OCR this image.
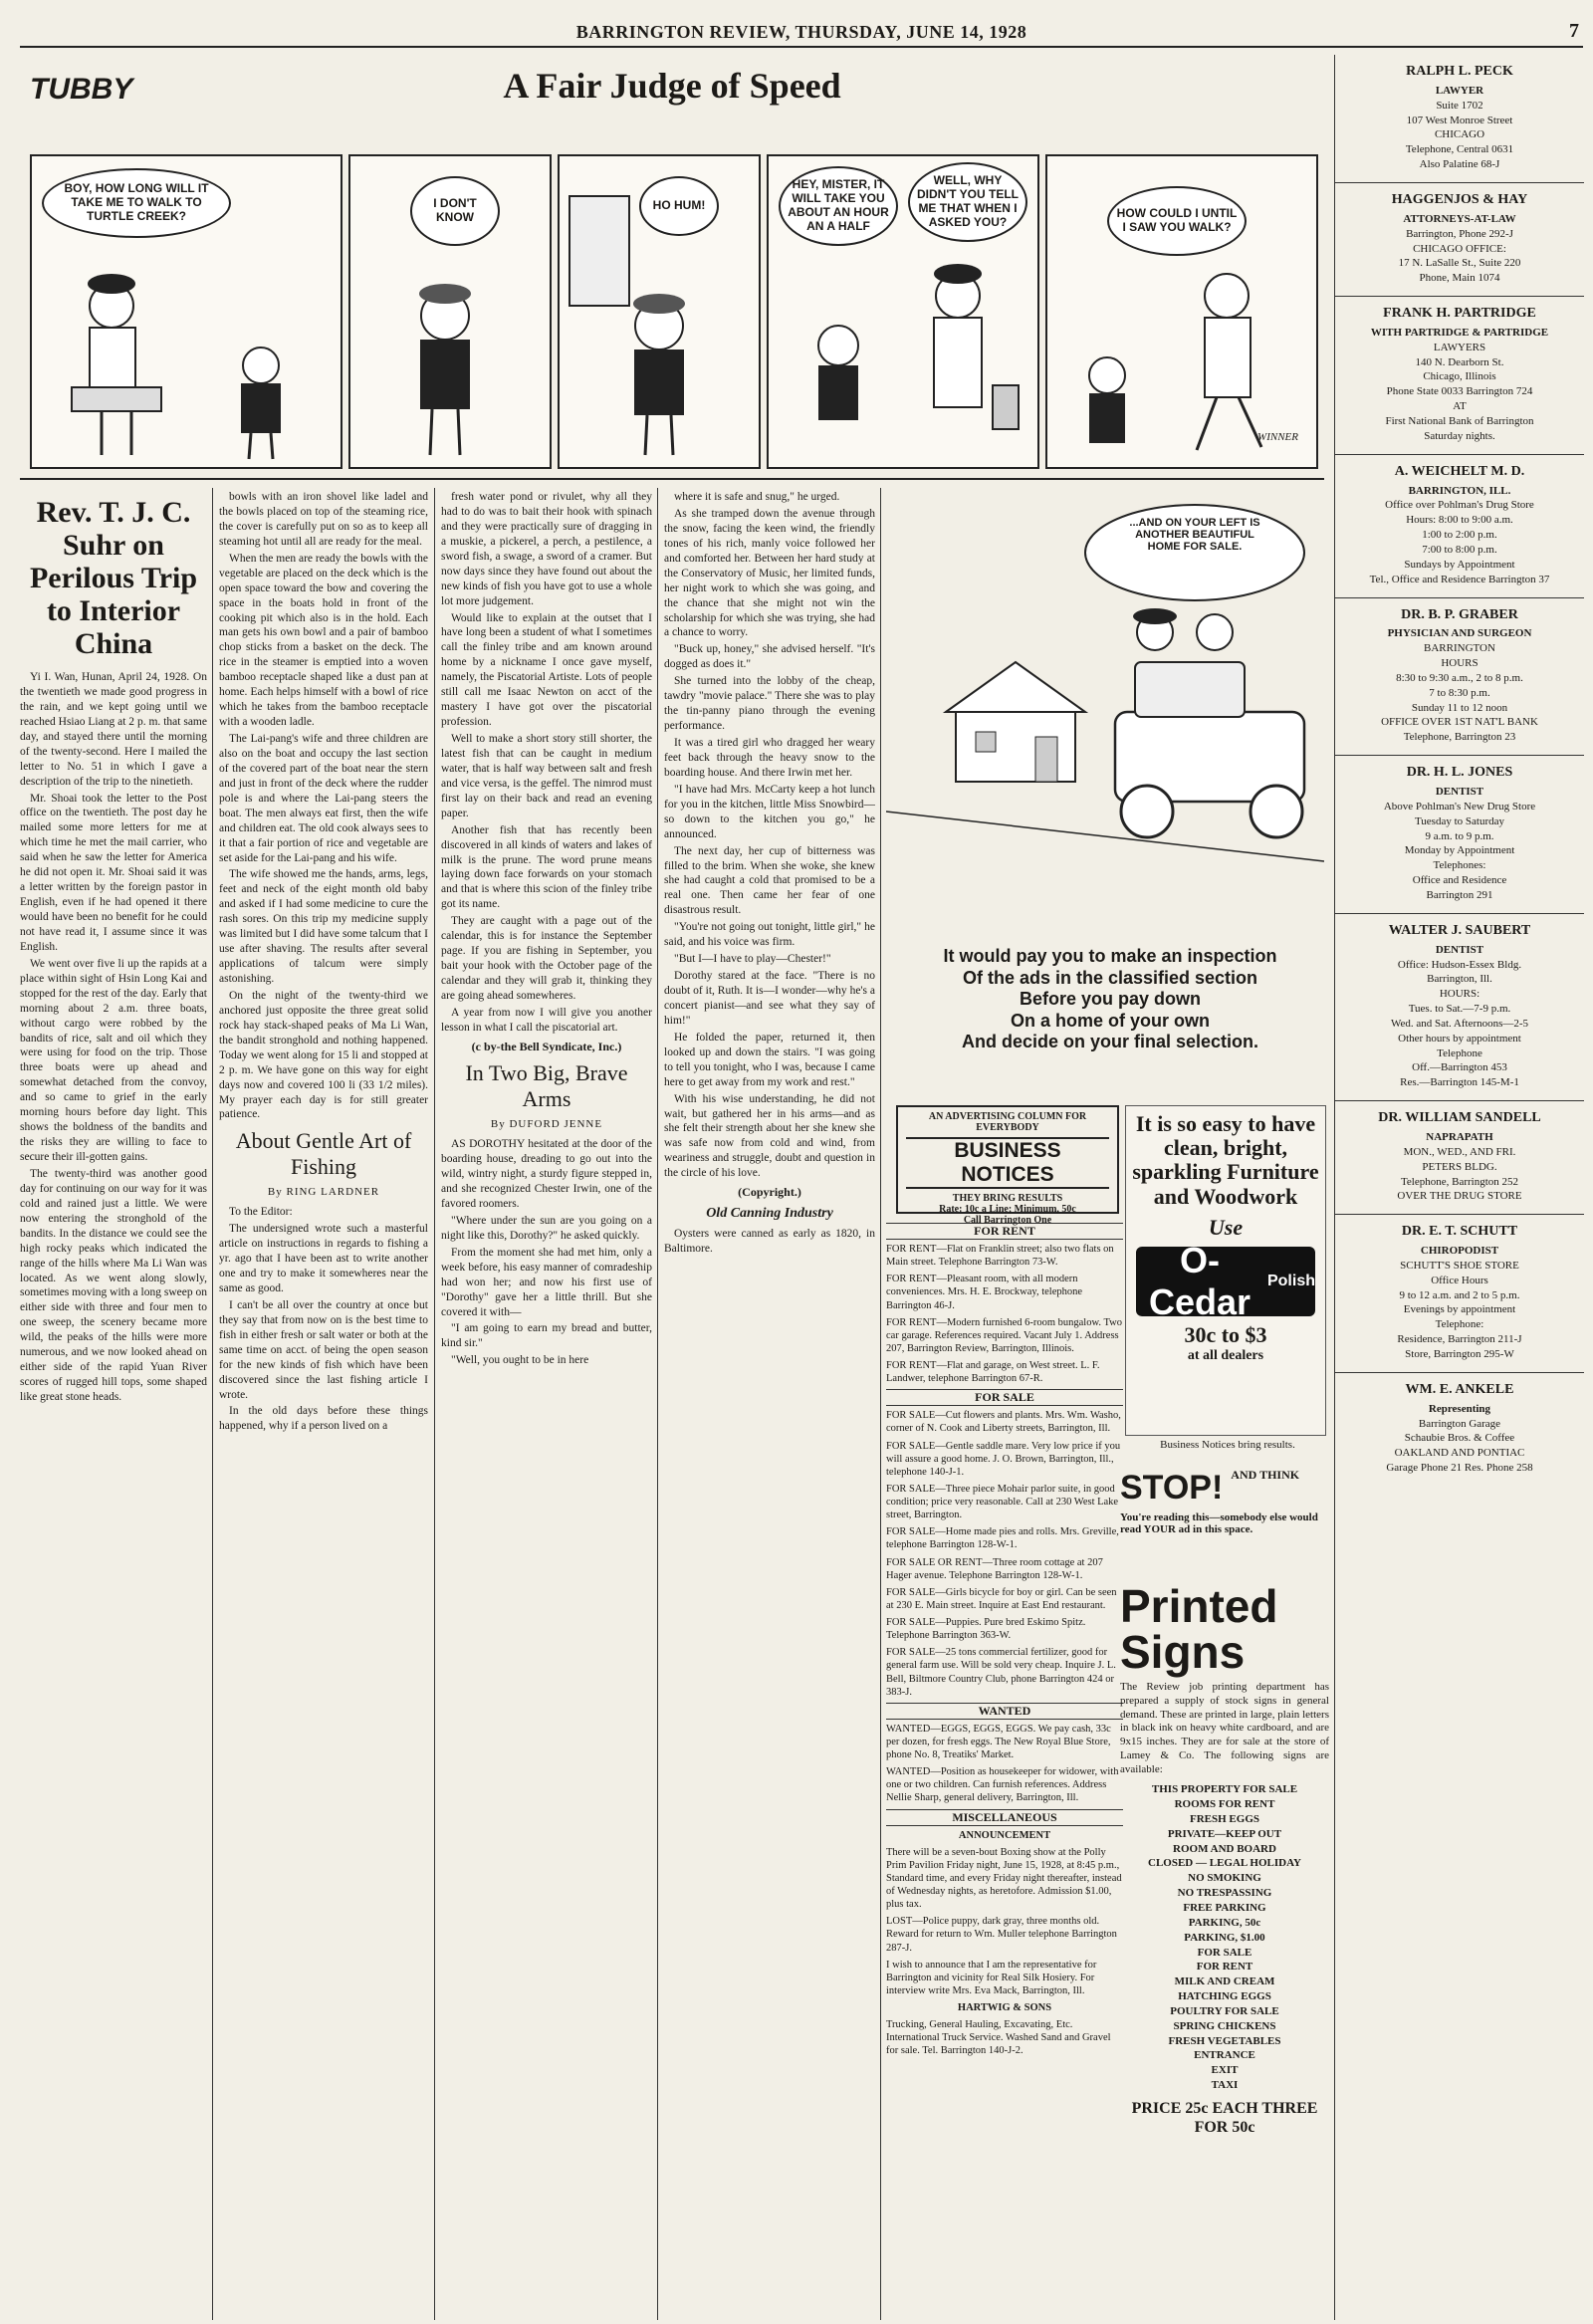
BARRINGTON REVIEW, THURSDAY, JUNE 14, 1928	7
TUBBY	A Fair Judge of Speed
BOY, HOW LONG WILL IT TAKE ME TO WALK TO TURTLE CREEK?
I DON'T KNOW
HO HUM!
HEY, MISTER, IT WILL TAKE YOU ABOUT AN HOUR AN A HALF
WELL, WHY DIDN'T YOU TELL ME THAT WHEN I ASKED YOU?
HOW COULD I UNTIL I SAW YOU WALK?
WINNER
Rev. T. J. C. Suhr on Perilous Trip to Interior China

Yi I. Wan, Hunan, April 24, 1928. On the twentieth we made good progress in the rain, and we kept going until we reached Hsiao Liang at 2 p. m. that same day, and stayed there until the morning of the twenty-second. Here I mailed the letter to No. 51 in which I gave a description of the trip to the ninetieth.

Mr. Shoai took the letter to the Post office on the twentieth. The post day he mailed some more letters for me at which time he met the mail carrier, who said when he saw the letter for America he did not open it. Mr. Shoai said it was a letter written by the foreign pastor in English, even if he had opened it there would have been no benefit for he could not have read it, I assume since it was English.

We went over five li up the rapids at a place within sight of Hsin Long Kai and stopped for the rest of the day. Early that morning about 2 a.m. three boats, without cargo were robbed by the bandits of rice, salt and oil which they were using for food on the trip. Those three boats were up ahead and somewhat detached from the convoy, and so came to grief in the early morning hours before day light. This shows the boldness of the bandits and the risks they are willing to face to secure their ill-gotten gains.

The twenty-third was another good day for continuing on our way for it was cold and rained just a little. We were now entering the stronghold of the bandits. In the distance we could see the high rocky peaks which indicated the range of the hills where Ma Li Wan was located. As we went along slowly, sometimes moving with a long sweep on either side with three and four men to one sweep, the scenery became more wild, the peaks of the hills were more numerous, and we now looked ahead on either side of the rapid Yuan River scores of rugged hill tops, some shaped like great stone heads.

bowls with an iron shovel like ladel and the bowls placed on top of the steaming rice, the cover is carefully put on so as to keep all steaming hot until all are ready for the meal.

When the men are ready the bowls with the vegetable are placed on the deck which is the open space toward the bow and covering the space in the boats hold in front of the cooking pit which also is in the hold. Each man gets his own bowl and a pair of bamboo chop sticks from a basket on the deck. The rice in the steamer is emptied into a woven bamboo receptacle shaped like a dust pan at home. Each helps himself with a bowl of rice which he takes from the bamboo receptacle with a wooden ladle.

The Lai-pang's wife and three children are also on the boat and occupy the last section of the covered part of the boat near the stern and just in front of the deck where the rudder pole is and where the Lai-pang steers the boat. The men always eat first, then the wife and children eat. The old cook always sees to it that a fair portion of rice and vegetable are set aside for the Lai-pang and his wife.

The wife showed me the hands, arms, legs, feet and neck of the eight month old baby and asked if I had some medicine to cure the rash sores. On this trip my medicine supply was limited but I did have some talcum that I use after shaving. The results after several applications of talcum were simply astonishing.

On the night of the twenty-third we anchored just opposite the three great solid rock hay stack-shaped peaks of Ma Li Wan, the bandit stronghold and nothing happened. Today we went along for 15 li and stopped at 2 p. m. We have gone on this way for eight days now and covered 100 li (33 1/2 miles). My prayer each day is for still greater patience.

About Gentle Art of Fishing
By RING LARDNER

To the Editor:

The undersigned wrote such a masterful article on instructions in regards to fishing a yr. ago that I have been ast to write another one and try to make it somewheres near the same as good.

I can't be all over the country at once but they say that from now on is the best time to fish in either fresh or salt water or both at the same time on acct. of being the open season for the new kinds of fish which have been discovered since the last fishing article I wrote.

In the old days before these things happened, why if a person lived on a

fresh water pond or rivulet, why all they had to do was to bait their hook with spinach and they were practically sure of dragging in a muskie, a pickerel, a perch, a pestilence, a sword fish, a swage, a sword of a cramer. But now days since they have found out about the new kinds of fish you have got to use a whole lot more judgement.

Would like to explain at the outset that I have long been a student of what I sometimes call the finley tribe and am known around home by a nickname I once gave myself, namely, the Piscatorial Artiste. Lots of people still call me Isaac Newton on acct of the mastery I have got over the piscatorial profession.

Well to make a short story still shorter, the latest fish that can be caught in medium water, that is half way between salt and fresh and vice versa, is the geffel. The nimrod must first lay on their back and read an evening paper.

Another fish that has recently been discovered in all kinds of waters and lakes of milk is the prune. The word prune means laying down face forwards on your stomach and that is where this scion of the finley tribe got its name.

They are caught with a page out of the calendar, this is for instance the September page. If you are fishing in September, you bait your hook with the October page of the calendar and they will grab it, thinking they are going ahead somewheres.

A year from now I will give you another lesson in what I call the piscatorial art.

(c by-the Bell Syndicate, Inc.)
In Two Big, Brave Arms
By DUFORD JENNE

AS DOROTHY hesitated at the door of the boarding house, dreading to go out into the wild, wintry night, a sturdy figure stepped in, and she recognized Chester Irwin, one of the favored roomers.

"Where under the sun are you going on a night like this, Dorothy?" he asked quickly.

From the moment she had met him, only a week before, his easy manner of comradeship had won her; and now his first use of "Dorothy" gave her a little thrill. But she covered it with—

"I am going to earn my bread and butter, kind sir."

"Well, you ought to be in here

where it is safe and snug," he urged.

As she tramped down the avenue through the snow, facing the keen wind, the friendly tones of his rich, manly voice followed her and comforted her. Between her hard study at the Conservatory of Music, her limited funds, her night work to which she was going, and the chance that she might not win the scholarship for which she was trying, she had a chance to worry.

"Buck up, honey," she advised herself. "It's dogged as does it."

She turned into the lobby of the cheap, tawdry "movie palace." There she was to play the tin-panny piano through the evening performance.

It was a tired girl who dragged her weary feet back through the heavy snow to the boarding house. And there Irwin met her.

"I have had Mrs. McCarty keep a hot lunch for you in the kitchen, little Miss Snowbird—so down to the kitchen you go," he announced.

The next day, her cup of bitterness was filled to the brim. When she woke, she knew she had caught a cold that promised to be a real one. Then came her fear of one disastrous result.

"You're not going out tonight, little girl," he said, and his voice was firm.

"But I—I have to play—Chester!"

Dorothy stared at the face. "There is no doubt of it, Ruth. It is—I wonder—why he's a concert pianist—and see what they say of him!"

He folded the paper, returned it, then looked up and down the stairs. "I was going to tell you tonight, who I was, because I came here to get away from my work and rest."

With his wise understanding, he did not wait, but gathered her in his arms—and as she felt their strength about her she knew she was safe now from cold and wind, from weariness and struggle, doubt and question in the circle of his love.

(Copyright.)
Old Canning Industry

Oysters were canned as early as 1820, in Baltimore.

...AND ON YOUR LEFT IS ANOTHER BEAUTIFUL HOME FOR SALE.
It would pay you to make an inspection
Of the ads in the classified section
Before you pay down
On a home of your own
And decide on your final selection.
AN ADVERTISING COLUMN FOR EVERYBODY
BUSINESS NOTICES
THEY BRING RESULTS
Rate: 10c a Line; Minimum, 50c
Call Barrington One
FOR RENT
FOR RENT—Flat on Franklin street; also two flats on Main street. Telephone Barrington 73-W.
FOR RENT—Pleasant room, with all modern conveniences. Mrs. H. E. Brockway, telephone Barrington 46-J.
FOR RENT—Modern furnished 6-room bungalow. Two car garage. References required. Vacant July 1. Address 207, Barrington Review, Barrington, Illinois.
FOR RENT—Flat and garage, on West street. L. F. Landwer, telephone Barrington 67-R.
FOR SALE
FOR SALE—Cut flowers and plants. Mrs. Wm. Washo, corner of N. Cook and Liberty streets, Barrington, Ill.
FOR SALE—Gentle saddle mare. Very low price if you will assure a good home. J. O. Brown, Barrington, Ill., telephone 140-J-1.
FOR SALE—Three piece Mohair parlor suite, in good condition; price very reasonable. Call at 230 West Lake street, Barrington.
FOR SALE—Home made pies and rolls. Mrs. Greville, telephone Barrington 128-W-1.
FOR SALE OR RENT—Three room cottage at 207 Hager avenue. Telephone Barrington 128-W-1.
FOR SALE—Girls bicycle for boy or girl. Can be seen at 230 E. Main street. Inquire at East End restaurant.
FOR SALE—Puppies. Pure bred Eskimo Spitz. Telephone Barrington 363-W.
FOR SALE—25 tons commercial fertilizer, good for general farm use. Will be sold very cheap. Inquire J. L. Bell, Biltmore Country Club, phone Barrington 424 or 383-J.
WANTED
WANTED—EGGS, EGGS, EGGS. We pay cash, 33c per dozen, for fresh eggs. The New Royal Blue Store, phone No. 8, Treatiks' Market.
WANTED—Position as housekeeper for widower, with one or two children. Can furnish references. Address Nellie Sharp, general delivery, Barrington, Ill.
MISCELLANEOUS
ANNOUNCEMENT
There will be a seven-bout Boxing show at the Polly Prim Pavilion Friday night, June 15, 1928, at 8:45 p.m., Standard time, and every Friday night thereafter, instead of Wednesday nights, as heretofore. Admission $1.00, plus tax.
LOST—Police puppy, dark gray, three months old. Reward for return to Wm. Muller telephone Barrington 287-J.
I wish to announce that I am the representative for Barrington and vicinity for Real Silk Hosiery. For interview write Mrs. Eva Mack, Barrington, Ill.
HARTWIG & SONS
Trucking, General Hauling, Excavating, Etc. International Truck Service. Washed Sand and Gravel for sale. Tel. Barrington 140-J-2.
It is so easy to have clean, bright, sparkling Furniture and Woodwork
Use
O-Cedar
Polish
30c to $3
at all dealers
Business Notices bring results.
STOP! AND THINK
You're reading this—somebody else would read YOUR ad in this space.
Printed Signs
The Review job printing department has prepared a supply of stock signs in general demand. These are printed in large, plain letters in black ink on heavy white cardboard, and are 9x15 inches. They are for sale at the store of Lamey & Co. The following signs are available:
THIS PROPERTY FOR SALE
ROOMS FOR RENT
FRESH EGGS
PRIVATE—KEEP OUT
ROOM AND BOARD
CLOSED — LEGAL HOLIDAY
NO SMOKING
NO TRESPASSING
FREE PARKING
PARKING, 50c
PARKING, $1.00
FOR SALE
FOR RENT
MILK AND CREAM
HATCHING EGGS
POULTRY FOR SALE
SPRING CHICKENS
FRESH VEGETABLES
ENTRANCE
EXIT
TAXI
PRICE 25c EACH THREE FOR 50c
RALPH L. PECK
LAWYER
Suite 1702
107 West Monroe Street
CHICAGO
Telephone, Central 0631
Also Palatine 68-J
HAGGENJOS & HAY
ATTORNEYS-AT-LAW
Barrington, Phone 292-J
CHICAGO OFFICE:
17 N. LaSalle St., Suite 220
Phone, Main 1074
FRANK H. PARTRIDGE
WITH PARTRIDGE & PARTRIDGE
LAWYERS
140 N. Dearborn St.
Chicago, Illinois
Phone State 0033 Barrington 724
AT
First National Bank of Barrington
Saturday nights.
A. WEICHELT M. D.
BARRINGTON, ILL.
Office over Pohlman's Drug Store
Hours: 8:00 to 9:00 a.m.
1:00 to 2:00 p.m.
7:00 to 8:00 p.m.
Sundays by Appointment
Tel., Office and Residence Barrington 37
DR. B. P. GRABER
PHYSICIAN AND SURGEON
BARRINGTON
HOURS
8:30 to 9:30 a.m., 2 to 8 p.m.
7 to 8:30 p.m.
Sunday 11 to 12 noon
OFFICE OVER 1ST NAT'L BANK
Telephone, Barrington 23
DR. H. L. JONES
DENTIST
Above Pohlman's New Drug Store
Tuesday to Saturday
9 a.m. to 9 p.m.
Monday by Appointment
Telephones:
Office and Residence
Barrington 291
WALTER J. SAUBERT
DENTIST
Office: Hudson-Essex Bldg.
Barrington, Ill.
HOURS:
Tues. to Sat.—7-9 p.m.
Wed. and Sat. Afternoons—2-5
Other hours by appointment
Telephone
Off.—Barrington 453
Res.—Barrington 145-M-1
DR. WILLIAM SANDELL
NAPRAPATH
MON., WED., AND FRI.
PETERS BLDG.
Telephone, Barrington 252
OVER THE DRUG STORE
DR. E. T. SCHUTT
CHIROPODIST
SCHUTT'S SHOE STORE
Office Hours
9 to 12 a.m. and 2 to 5 p.m.
Evenings by appointment
Telephone:
Residence, Barrington 211-J
Store, Barrington 295-W
WM. E. ANKELE
Representing
Barrington Garage
Schaubie Bros. & Coffee
OAKLAND AND PONTIAC
Garage Phone 21 Res. Phone 258
